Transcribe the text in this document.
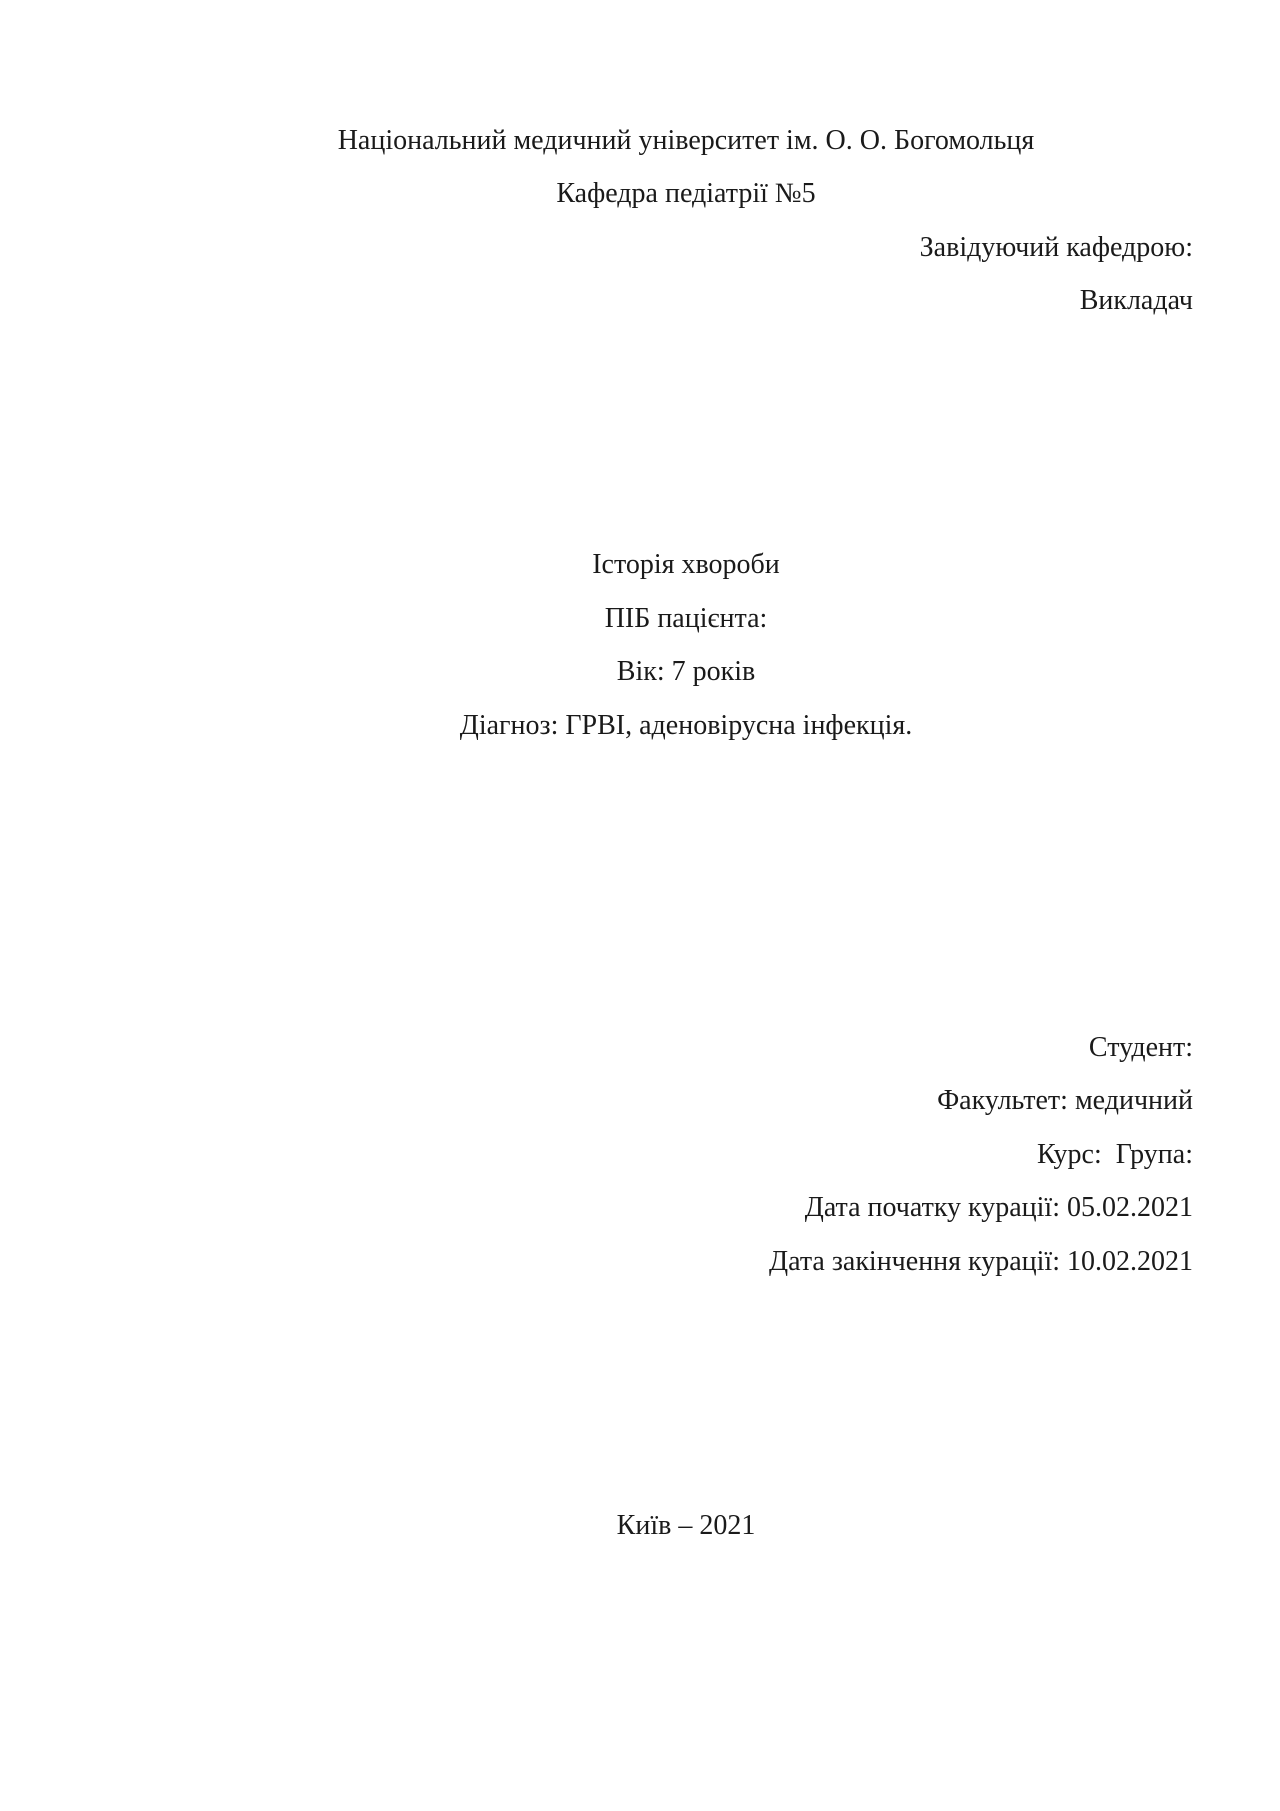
Національний медичний університет ім. О. О. Богомольця
Кафедра педіатрії №5
Завідуючий кафедрою:
Викладач
Історія хвороби
ПІБ пацієнта:
Вік: 7 років
Діагноз: ГРВІ, аденовірусна інфекція.
Студент:
Факультет: медичний
Курс:  Група:
Дата початку курації: 05.02.2021
Дата закінчення курації: 10.02.2021
Київ – 2021
